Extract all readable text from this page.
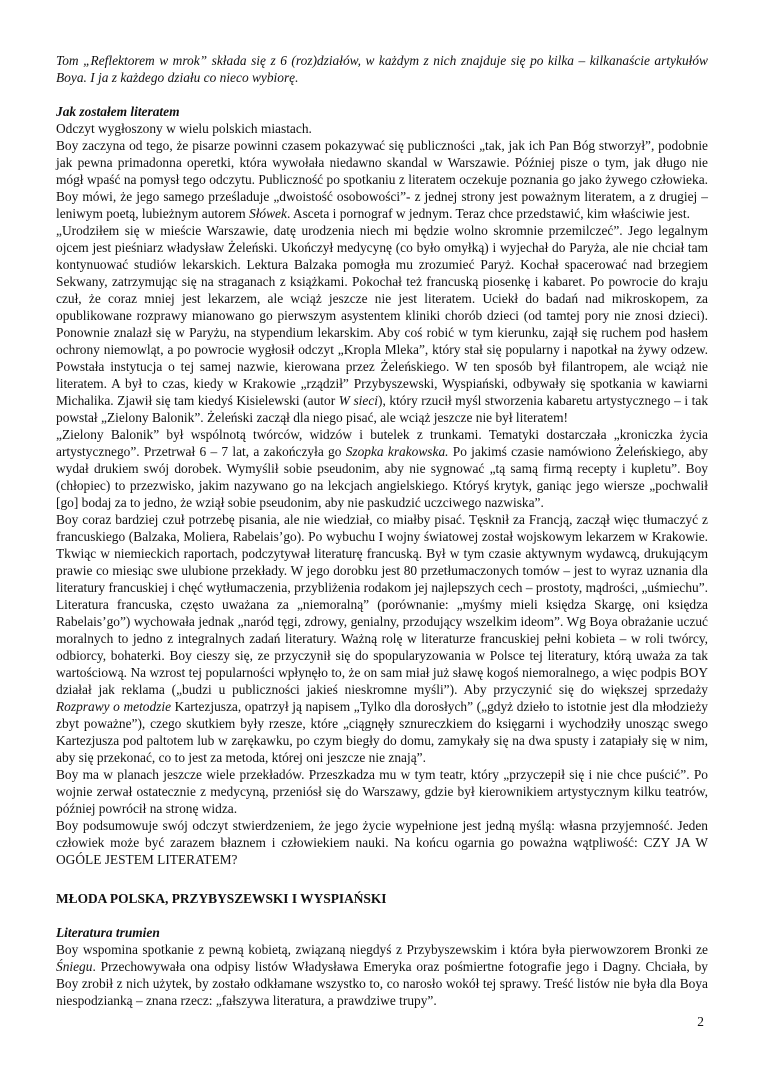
Tom „Reflektorem w mrok” składa się z 6 (roz)działów, w każdym z nich znajduje się po kilka – kilkanaście artykułów Boya. I ja z każdego działu co nieco wybiorę.

Jak zostałem literatem

Odczyt wygłoszony w wielu polskich miastach.

Boy zaczyna od tego, że pisarze powinni czasem pokazywać się publiczności „tak, jak ich Pan Bóg stworzył”, podobnie jak pewna primadonna operetki, która wywołała niedawno skandal w Warszawie. Później pisze o tym, jak długo nie mógł wpaść na pomysł tego odczytu. Publiczność po spotkaniu z literatem oczekuje poznania go jako żywego człowieka. Boy mówi, że jego samego prześladuje „dwoistość osobowości”- z jednej strony jest poważnym literatem, a z drugiej – leniwym poetą, lubieżnym autorem Słówek. Asceta i pornograf w jednym. Teraz chce przedstawić, kim właściwie jest.

„Urodziłem się w mieście Warszawie, datę urodzenia niech mi będzie wolno skromnie przemilczeć”. Jego legalnym ojcem jest pieśniarz władysław Żeleński. Ukończył medycynę (co było omyłką) i wyjechał do Paryża, ale nie chciał tam kontynuować studiów lekarskich. Lektura Balzaka pomogła mu zrozumieć Paryż. Kochał spacerować nad brzegiem Sekwany, zatrzymując się na straganach z książkami. Pokochał też francuską piosenkę i kabaret. Po powrocie do kraju czuł, że coraz mniej jest lekarzem, ale wciąż jeszcze nie jest literatem. Uciekł do badań nad mikroskopem, za opublikowane rozprawy mianowano go pierwszym asystentem kliniki chorób dzieci (od tamtej pory nie znosi dzieci). Ponownie znalazł się w Paryżu, na stypendium lekarskim. Aby coś robić w tym kierunku, zajął się ruchem pod hasłem ochrony niemowląt, a po powrocie wygłosił odczyt „Kropla Mleka”, który stał się popularny i napotkał na żywy odzew. Powstała instytucja o tej samej nazwie, kierowana przez Żeleńskiego. W ten sposób był filantropem, ale wciąż nie literatem. A był to czas, kiedy w Krakowie „rządził” Przybyszewski, Wyspiański, odbywały się spotkania w kawiarni Michalika. Zjawił się tam kiedyś Kisielewski (autor W sieci), który rzucił myśl stworzenia kabaretu artystycznego – i tak powstał „Zielony Balonik”. Żeleński zaczął dla niego pisać, ale wciąż jeszcze nie był literatem!

„Zielony Balonik” był wspólnotą twórców, widzów i butelek z trunkami. Tematyki dostarczała „kroniczka życia artystycznego”. Przetrwał 6 – 7 lat, a zakończyła go Szopka krakowska. Po jakimś czasie namówiono Żeleńskiego, aby wydał drukiem swój dorobek. Wymyślił sobie pseudonim, aby nie sygnować „tą samą firmą recepty i kupletu”. Boy (chłopiec) to przezwisko, jakim nazywano go na lekcjach angielskiego. Któryś krytyk, ganiąc jego wiersze „pochwalił [go] bodaj za to jedno, że wziął sobie pseudonim, aby nie paskudzić uczciwego nazwiska”.

Boy coraz bardziej czuł potrzebę pisania, ale nie wiedział, co miałby pisać. Tęsknił za Francją, zaczął więc tłumaczyć z francuskiego (Balzaka, Moliera, Rabelais’go). Po wybuchu I wojny światowej został wojskowym lekarzem w Krakowie. Tkwiąc w niemieckich raportach, podczytywał literaturę francuską. Był w tym czasie aktywnym wydawcą, drukującym prawie co miesiąc swe ulubione przekłady. W jego dorobku jest 80 przetłumaczonych tomów – jest to wyraz uznania dla literatury francuskiej i chęć wytłumaczenia, przybliżenia rodakom jej najlepszych cech – prostoty, mądrości, „uśmiechu”. Literatura francuska, często uważana za „niemoralną” (porównanie: „myśmy mieli księdza Skargę, oni księdza Rabelais’go”) wychowała jednak „naród tęgi, zdrowy, genialny, przodujący wszelkim ideom”. Wg Boya obrażanie uczuć moralnych to jedno z integralnych zadań literatury. Ważną rolę w literaturze francuskiej pełni kobieta – w roli twórcy, odbiorcy, bohaterki. Boy cieszy się, ze przyczynił się do spopularyzowania w Polsce tej literatury, którą uważa za tak wartościową. Na wzrost tej popularności wpłynęło to, że on sam miał już sławę kogoś niemoralnego, a więc podpis BOY działał jak reklama („budzi u publiczności jakieś nieskromne myśli”). Aby przyczynić się do większej sprzedaży Rozprawy o metodzie Kartezjusza, opatrzył ją napisem „Tylko dla dorosłych” („gdyż dzieło to istotnie jest dla młodzieży zbyt poważne”), czego skutkiem były rzesze, które „ciągnęły sznureczkiem do księgarni i wychodziły unosząc swego Kartezjusza pod paltotem lub w zarękawku, po czym biegły do domu, zamykały się na dwa spusty i zatapiały się w nim, aby się przekonać, co to jest za metoda, której oni jeszcze nie znają”.

Boy ma w planach jeszcze wiele przekładów. Przeszkadza mu w tym teatr, który „przyczepił się i nie chce puścić”. Po wojnie zerwał ostatecznie z medycyną, przeniósł się do Warszawy, gdzie był kierownikiem artystycznym kilku teatrów, później powrócił na stronę widza.

Boy podsumowuje swój odczyt stwierdzeniem, że jego życie wypełnione jest jedną myślą: własna przyjemność. Jeden człowiek może być zarazem błaznem i człowiekiem nauki. Na końcu ogarnia go poważna wątpliwość: CZY JA W OGÓLE JESTEM LITERATEM?

MŁODA POLSKA, PRZYBYSZEWSKI I WYSPIAŃSKI

Literatura trumien

Boy wspomina spotkanie z pewną kobietą, związaną niegdyś z Przybyszewskim i która była pierwowzorem Bronki ze Śniegu. Przechowywała ona odpisy listów Władysława Emeryka oraz pośmiertne fotografie jego i Dagny. Chciała, by Boy zrobił z nich użytek, by zostało odkłamane wszystko to, co narosło wokół tej sprawy. Treść listów nie była dla Boya niespodzianką – znana rzecz: „fałszywa literatura, a prawdziwe trupy”.

2
